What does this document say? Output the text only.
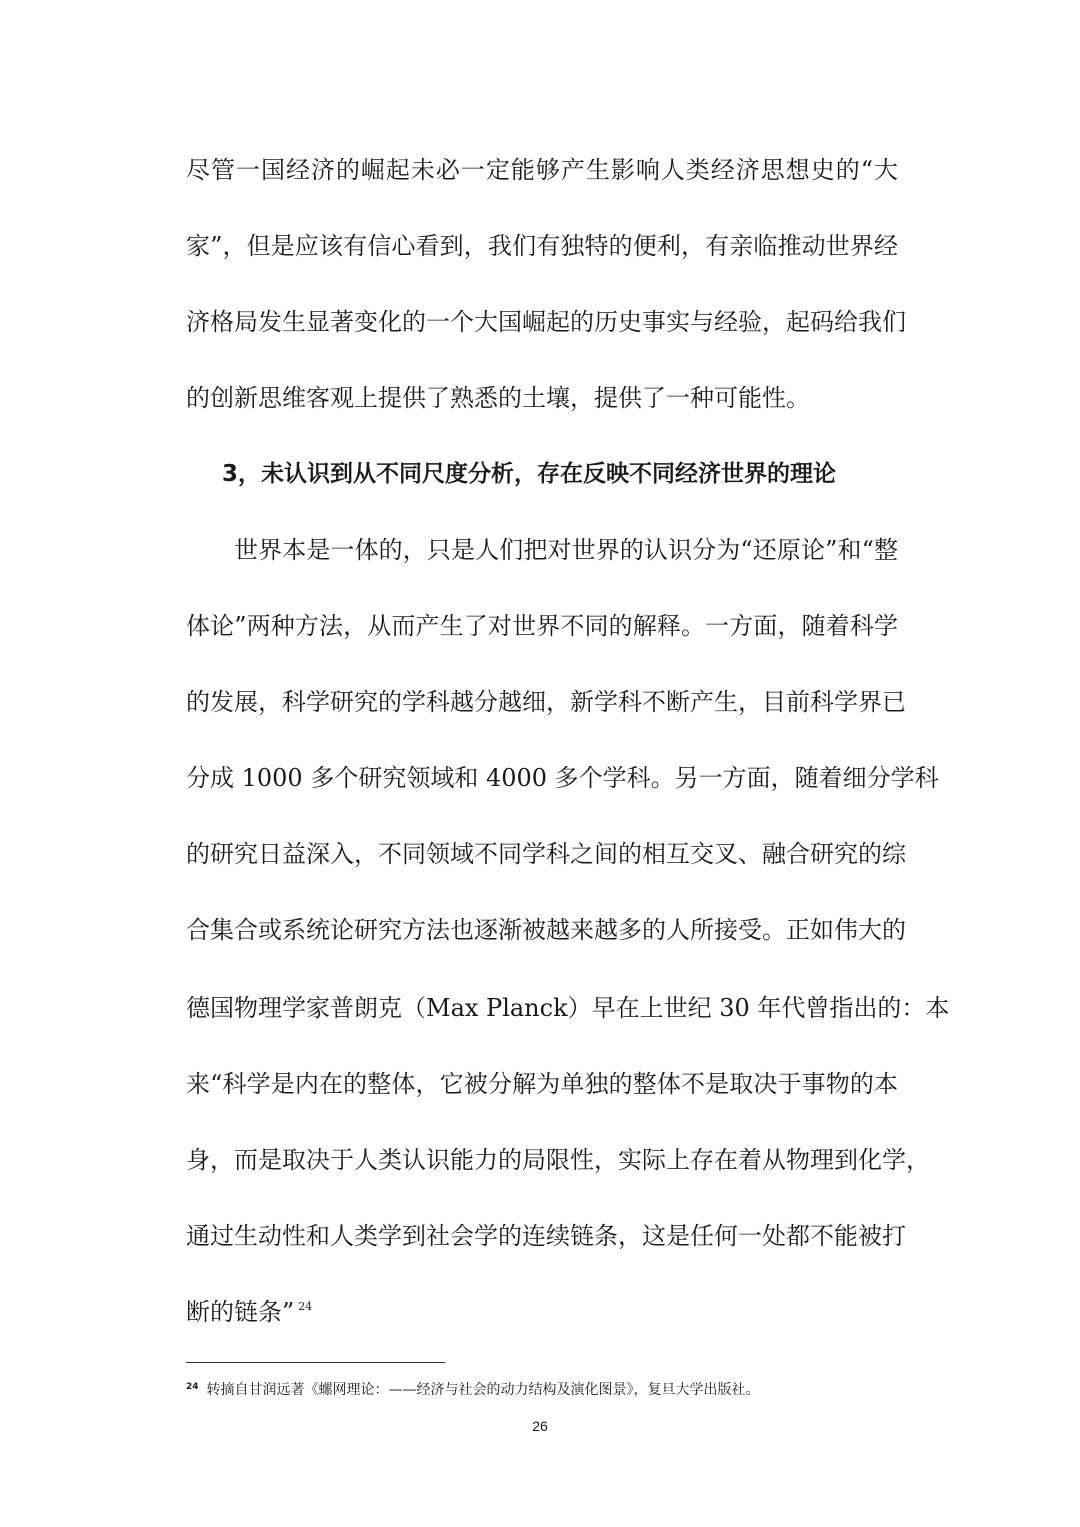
尽管一国经济的崛起未必一定能够产生影响人类经济思想史的“大
家”，但是应该有信心看到，我们有独特的便利，有亲临推动世界经
济格局发生显著变化的一个大国崛起的历史事实与经验，起码给我们
的创新思维客观上提供了熟悉的土壤，提供了一种可能性。
3，未认识到从不同尺度分析，存在反映不同经济世界的理论
世界本是一体的，只是人们把对世界的认识分为“还原论”和“整
体论”两种方法，从而产生了对世界不同的解释。一方面，随着科学
的发展，科学研究的学科越分越细，新学科不断产生，目前科学界已
分成 1000 多个研究领域和 4000 多个学科。另一方面，随着细分学科
的研究日益深入，不同领域不同学科之间的相互交叉、融合研究的综
合集合或系统论研究方法也逐渐被越来越多的人所接受。正如伟大的
德国物理学家普朗克（Max Planck）早在上世纪 30 年代曾指出的：本
来“科学是内在的整体，它被分解为单独的整体不是取决于事物的本
身，而是取决于人类认识能力的局限性，实际上存在着从物理到化学，
通过生动性和人类学到社会学的连续链条，这是任何一处都不能被打
断的链条” $^{24}$
$^{24}$ 转摘自甘润远著《螺网理论：——经济与社会的动力结构及演化图景》，复旦大学出版社。
26
